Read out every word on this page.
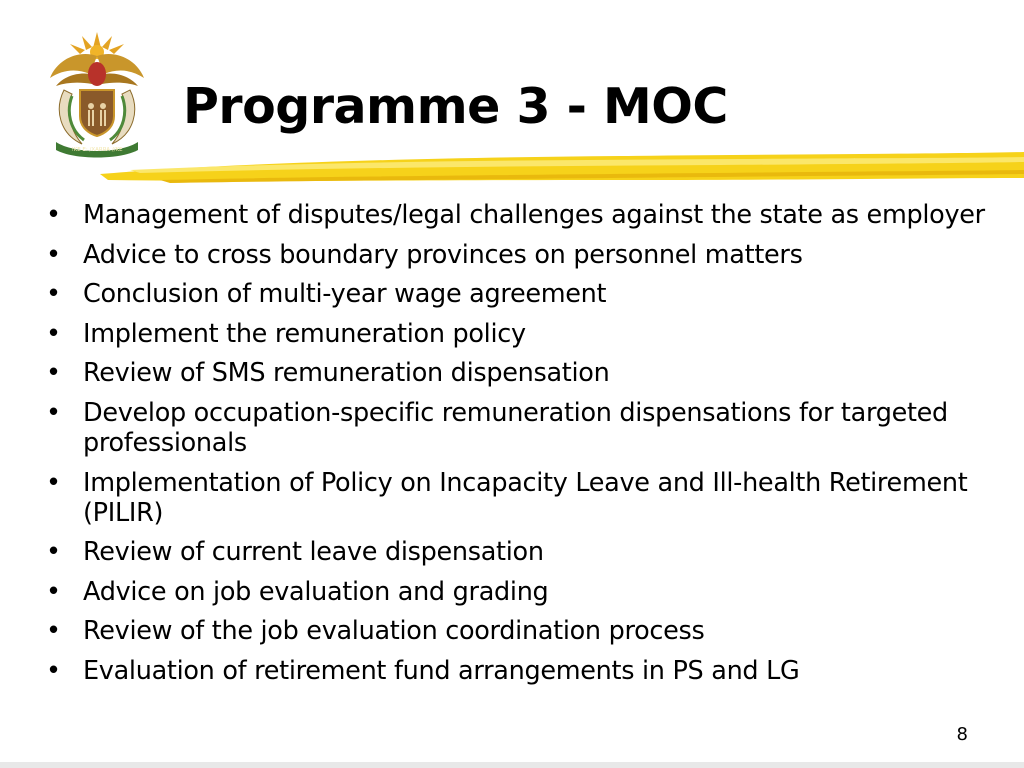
!KE E: /XARRA //KE
Programme 3 - MOC
• Management of disputes/legal challenges against the state as employer
• Advice to cross boundary provinces on personnel matters
• Conclusion of multi-year wage agreement
• Implement the remuneration policy
• Review of SMS remuneration dispensation
• Develop occupation-specific remuneration dispensations for targeted professionals
• Implementation of Policy on Incapacity Leave and Ill-health Retirement (PILIR)
• Review of current leave dispensation
• Advice on job evaluation and grading
• Review of the job evaluation coordination process
• Evaluation of retirement fund arrangements in PS and LG
8
